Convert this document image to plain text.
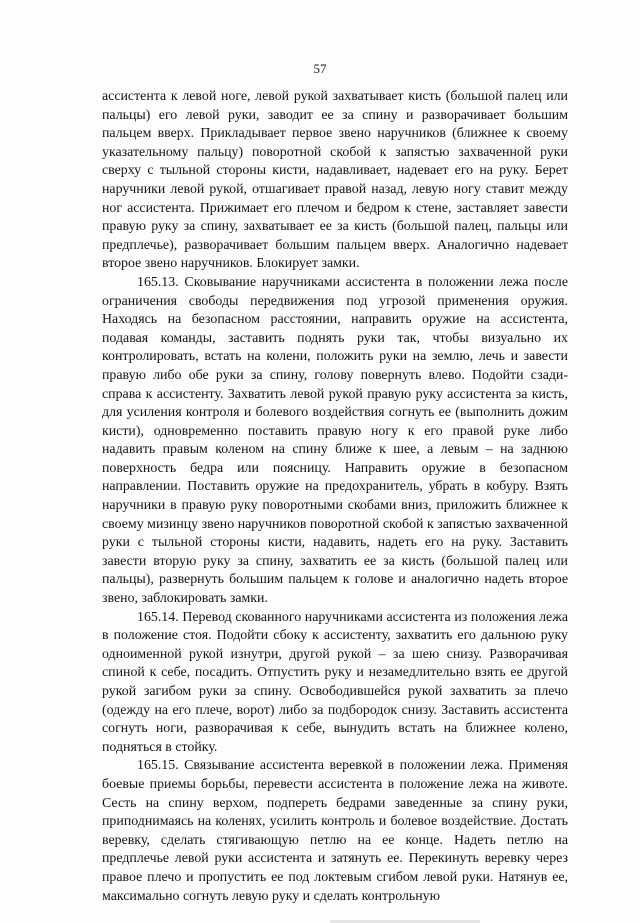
57

ассистента к левой ноге, левой рукой захватывает кисть (большой палец или пальцы) его левой руки, заводит ее за спину и разворачивает большим пальцем вверх. Прикладывает первое звено наручников (ближнее к своему указательному пальцу) поворотной скобой к запястью захваченной руки сверху с тыльной стороны кисти, надавливает, надевает его на руку. Берет наручники левой рукой, отшагивает правой назад, левую ногу ставит между ног ассистента. Прижимает его плечом и бедром к стене, заставляет завести правую руку за спину, захватывает ее за кисть (большой палец, пальцы или предплечье), разворачивает большим пальцем вверх. Аналогично надевает второе звено наручников. Блокирует замки.

165.13. Сковывание наручниками ассистента в положении лежа после ограничения свободы передвижения под угрозой применения оружия. Находясь на безопасном расстоянии, направить оружие на ассистента, подавая команды, заставить поднять руки так, чтобы визуально их контролировать, встать на колени, положить руки на землю, лечь и завести правую либо обе руки за спину, голову повернуть влево. Подойти сзади-справа к ассистенту. Захватить левой рукой правую руку ассистента за кисть, для усиления контроля и болевого воздействия согнуть ее (выполнить дожим кисти), одновременно поставить правую ногу к его правой руке либо надавить правым коленом на спину ближе к шее, а левым – на заднюю поверхность бедра или поясницу. Направить оружие в безопасном направлении. Поставить оружие на предохранитель, убрать в кобуру. Взять наручники в правую руку поворотными скобами вниз, приложить ближнее к своему мизинцу звено наручников поворотной скобой к запястью захваченной руки с тыльной стороны кисти, надавить, надеть его на руку. Заставить завести вторую руку за спину, захватить ее за кисть (большой палец или пальцы), развернуть большим пальцем к голове и аналогично надеть второе звено, заблокировать замки.

165.14. Перевод скованного наручниками ассистента из положения лежа в положение стоя. Подойти сбоку к ассистенту, захватить его дальнюю руку одноименной рукой изнутри, другой рукой – за шею снизу. Разворачивая спиной к себе, посадить. Отпустить руку и незамедлительно взять ее другой рукой загибом руки за спину. Освободившейся рукой захватить за плечо (одежду на его плече, ворот) либо за подбородок снизу. Заставить ассистента согнуть ноги, разворачивая к себе, вынудить встать на ближнее колено, подняться в стойку.

165.15. Связывание ассистента веревкой в положении лежа. Применяя боевые приемы борьбы, перевести ассистента в положение лежа на животе. Сесть на спину верхом, подпереть бедрами заведенные за спину руки, приподнимаясь на коленях, усилить контроль и болевое воздействие. Достать веревку, сделать стягивающую петлю на ее конце. Надеть петлю на предплечье левой руки ассистента и затянуть ее. Перекинуть веревку через правое плечо и пропустить ее под локтевым сгибом левой руки. Натянув ее, максимально согнуть левую руку и сделать контрольную
